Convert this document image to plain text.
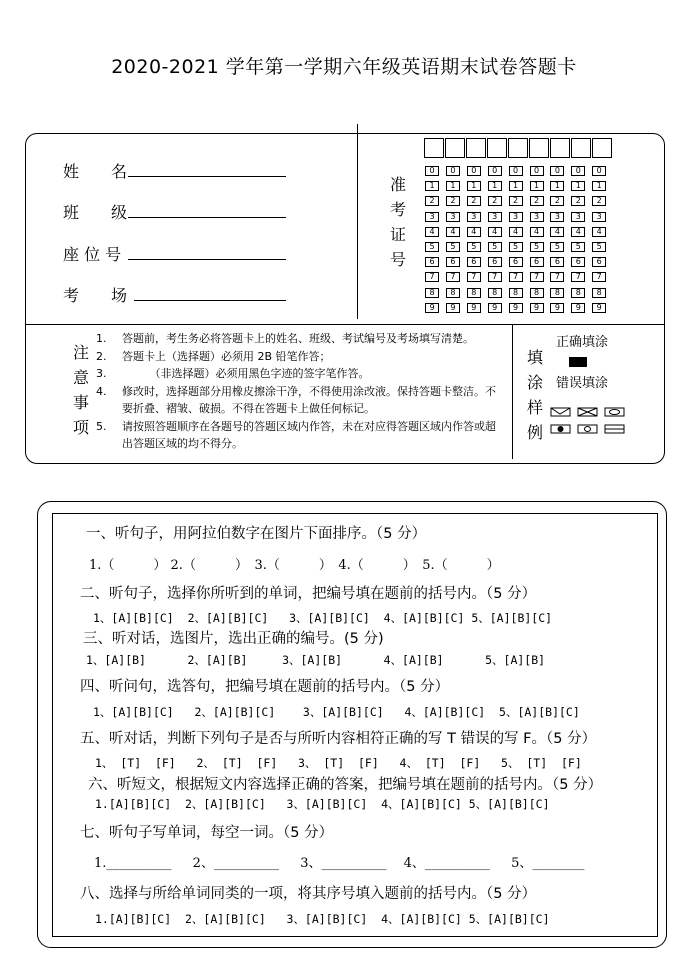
2020-2021 学年第一学期六年级英语期末试卷答题卡
姓　　名
班　　级
座 位 号
考　　场
准
考
证
号
0	0	0	0	0	0	0	0	0
1	1	1	1	1	1	1	1	1
2	2	2	2	2	2	2	2	2
3	3	3	3	3	3	3	3	3
4	4	4	4	4	4	4	4	4
5	5	5	5	5	5	5	5	5
6	6	6	6	6	6	6	6	6
7	7	7	7	7	7	7	7	7
8	8	8	8	8	8	8	8	8
9	9	9	9	9	9	9	9	9
注
意
事
项
1.	答题前，考生务必将答题卡上的姓名、班级、考试编号及考场填写清楚。
2.	答题卡上（选择题）必须用 2B 铅笔作答；
3.	　　　（非选择题）必须用黑色字迹的签字笔作答。
4.	修改时，选择题部分用橡皮擦涂干净，不得使用涂改液。保持答题卡整洁。不要折叠、褶皱、破损。不得在答题卡上做任何标记。
5.	请按照答题顺序在各题号的答题区域内作答，未在对应得答题区域内作答或超出答题区域的均不得分。
填
涂
样
例
正确填涂
错误填涂
一、听句子，用阿拉伯数字在图片下面排序。（5 分）
1.（　　　） 2.（　　　）　3.（　　　）　4.（　　　）　5.（　　　）
二、听句子，选择你所听到的单词，把编号填在题前的括号内。（5 分）
1、[A][B][C]  2、[A][B][C]   3、[A][B][C]  4、[A][B][C] 5、[A][B][C]
三、听对话，选图片，选出正确的编号。(5 分)
1、[A][B]      2、[A][B]     3、[A][B]      4、[A][B]      5、[A][B]
四、听问句，选答句，把编号填在题前的括号内。（5 分）
1、[A][B][C]   2、[A][B][C]    3、[A][B][C]   4、[A][B][C]  5、[A][B][C]
五、听对话，判断下列句子是否与所听内容相符正确的写 T 错误的写 F。（5 分）
1、 [T]  [F]   2、 [T]  [F]   3、 [T]  [F]   4、 [T]  [F]   5、 [T]  [F]
六、听短文，根据短文内容选择正确的答案，把编号填在题前的括号内。（5 分）
1.[A][B][C]  2、[A][B][C]   3、[A][B][C]  4、[A][B][C] 5、[A][B][C]
七、听句子写单词，每空一词。（5 分）
1.__________　  2、__________　  3、__________　 4、__________　  5、________
八、选择与所给单词同类的一项，将其序号填入题前的括号内。（5 分）
1.[A][B][C]  2、[A][B][C]   3、[A][B][C]  4、[A][B][C] 5、[A][B][C]
